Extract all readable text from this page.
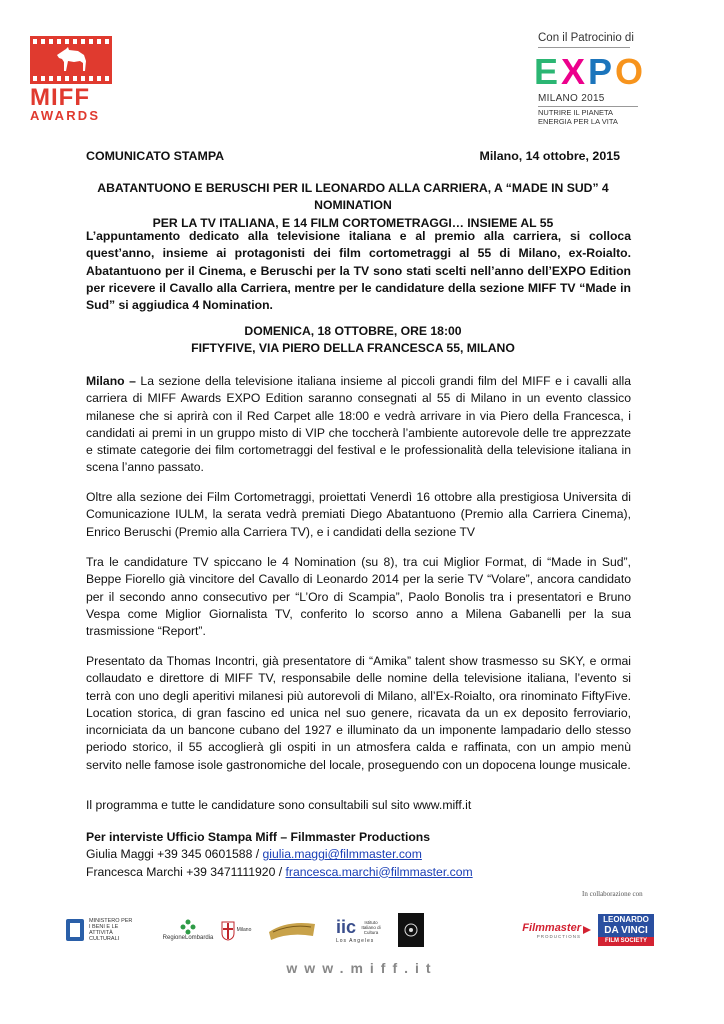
MIFF
AWARDS
Con il Patrocinio di
E X P O
MILANO 2015
NUTRIRE IL PIANETA
ENERGIA PER LA VITA
COMUNICATO STAMPA	Milano, 14 ottobre, 2015
ABATANTUONO E BERUSCHI PER IL LEONARDO ALLA CARRIERA, A “MADE IN SUD” 4 NOMINATION
PER LA TV ITALIANA, E 14 FILM CORTOMETRAGGI… INSIEME AL 55
L’appuntamento dedicato alla televisione italiana e al premio alla carriera, si colloca quest’anno, insieme ai protagonisti dei film cortometraggi al 55 di Milano, ex-Roialto. Abatantuono per il Cinema, e Beruschi per la TV sono stati scelti nell’anno dell’EXPO Edition per ricevere il Cavallo alla Carriera, mentre per le candidature della sezione MIFF TV “Made in Sud” si aggiudica 4 Nomination.
DOMENICA, 18 OTTOBRE, ORE 18:00
FIFTYFIVE, VIA PIERO DELLA FRANCESCA 55, MILANO
Milano – La sezione della televisione italiana insieme al piccoli grandi film del MIFF e i cavalli alla carriera di MIFF Awards EXPO Edition saranno consegnati al 55 di Milano in un evento classico milanese che si aprirà con il Red Carpet alle 18:00 e vedrà arrivare in via Piero della Francesca, i candidati ai premi in un gruppo misto di VIP che toccherà l’ambiente autorevole delle tre apprezzate e stimate categorie dei film cortometraggi del festival e le professionalità della televisione italiana in scena l’anno passato.
Oltre alla sezione dei Film Cortometraggi, proiettati Venerdì 16 ottobre alla prestigiosa Universita di Comunicazione IULM, la serata vedrà premiati Diego Abatantuono (Premio alla Carriera Cinema), Enrico Beruschi (Premio alla Carriera TV), e i candidati della sezione TV
Tra le candidature TV spiccano le 4 Nomination (su 8), tra cui Miglior Format, di “Made in Sud”, Beppe Fiorello già vincitore del Cavallo di Leonardo 2014 per la serie TV “Volare”, ancora candidato per il secondo anno consecutivo per “L’Oro di Scampia”, Paolo Bonolis tra i presentatori e Bruno Vespa come Miglior Giornalista TV, conferito lo scorso anno a Milena Gabanelli per la sua trasmissione “Report”.
Presentato da Thomas Incontri, già presentatore di “Amika” talent show trasmesso su SKY, e ormai collaudato e direttore di MIFF TV, responsabile delle nomine della televisione italiana, l’evento si terrà con uno degli aperitivi milanesi più autorevoli di Milano, all’Ex-Roialto, ora rinominato FiftyFive. Location storica, di gran fascino ed unica nel suo genere, ricavata da un ex deposito ferroviario, incorniciata da un bancone cubano del 1927 e illuminato da un imponente lampadario dello stesso periodo storico, il 55 accoglierà gli ospiti in un atmosfera calda e raffinata, con un ampio menù servito nelle famose isole gastronomiche del locale, proseguendo con un dopocena lounge musicale.
Il programma e tutte le candidature sono consultabili sul sito www.miff.it
Per interviste Ufficio Stampa Miff – Filmmaster Productions
Giulia Maggi +39 345 0601588 / giulia.maggi@filmmaster.com
Francesca Marchi +39 3471111920 / francesca.marchi@filmmaster.com
In collaborazione con
MINISTERO PER I BENI E LE ATTIVITÀ CULTURALI	RegioneLombardia
Milano	iic	Istituto Italiano di Cultura
Los Angeles
Filmmaster
PRODUCTIONS
LEONARDO
DA VINCI
FILM SOCIETY
www.miff.it
